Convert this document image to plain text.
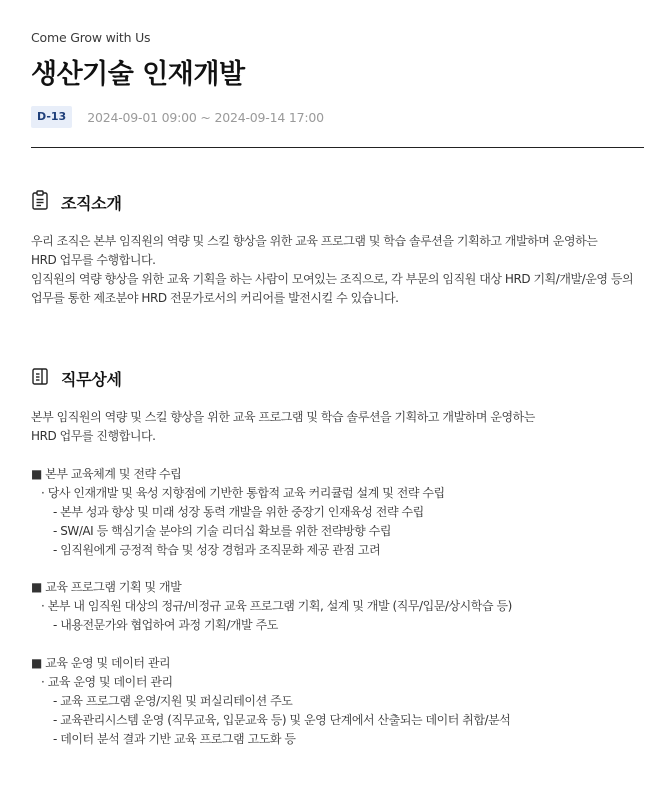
Come Grow with Us
생산기술 인재개발
D-13	2024-09-01 09:00 ~ 2024-09-14 17:00
조직소개
우리 조직은 본부 임직원의 역량 및 스킬 향상을 위한 교육 프로그램 및 학습 솔루션을 기획하고 개발하며 운영하는
HRD 업무를 수행합니다.
임직원의 역량 향상을 위한 교육 기획을 하는 사람이 모여있는 조직으로, 각 부문의 임직원 대상 HRD 기획/개발/운영 등의
업무를 통한 제조분야 HRD 전문가로서의 커리어를 발전시킬 수 있습니다.
직무상세
본부 임직원의 역량 및 스킬 향상을 위한 교육 프로그램 및 학습 솔루션을 기획하고 개발하며 운영하는
HRD 업무를 진행합니다.
■ 본부 교육체계 및 전략 수립
· 당사 인재개발 및 육성 지향점에 기반한 통합적 교육 커리큘럼 설계 및 전략 수립
- 본부 성과 향상 및 미래 성장 동력 개발을 위한 중장기 인재육성 전략 수립
- SW/AI 등 핵심기술 분야의 기술 리더십 확보를 위한 전략방향 수립
- 임직원에게 긍정적 학습 및 성장 경험과 조직문화 제공 관점 고려
■ 교육 프로그램 기획 및 개발
· 본부 내 임직원 대상의 정규/비정규 교육 프로그램 기획, 설계 및 개발 (직무/입문/상시학습 등)
- 내용전문가와 협업하여 과정 기획/개발 주도
■ 교육 운영 및 데이터 관리
· 교육 운영 및 데이터 관리
- 교육 프로그램 운영/지원 및 퍼실리테이션 주도
- 교육관리시스템 운영 (직무교육, 입문교육 등) 및 운영 단계에서 산출되는 데이터 취합/분석
- 데이터 분석 결과 기반 교육 프로그램 고도화 등
